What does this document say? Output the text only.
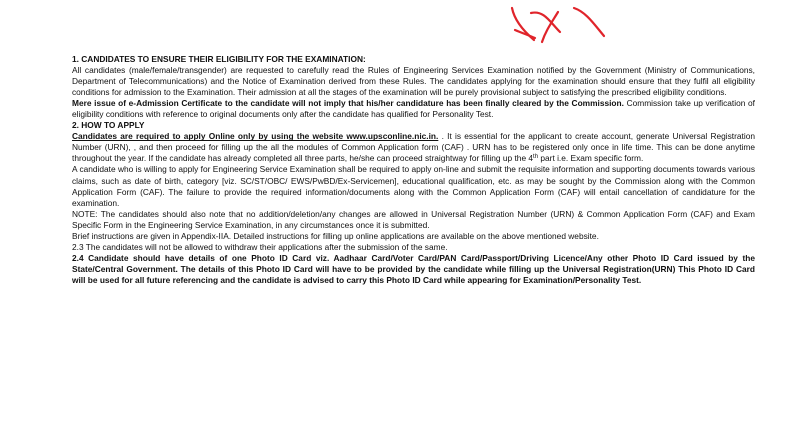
1. CANDIDATES TO ENSURE THEIR ELIGIBILITY FOR THE EXAMINATION:

All candidates (male/female/transgender) are requested to carefully read the Rules of Engineering Services Examination notified by the Government (Ministry of Communications, Department of Telecommunications) and the Notice of Examination derived from these Rules. The candidates applying for the examination should ensure that they fulfil all eligibility conditions for admission to the Examination. Their admission at all the stages of the examination will be purely provisional subject to satisfying the prescribed eligibility conditions.

Mere issue of e-Admission Certificate to the candidate will not imply that his/her candidature has been finally cleared by the Commission. Commission take up verification of eligibility conditions with reference to original documents only after the candidate has qualified for Personality Test.

2. HOW TO APPLY

Candidates are required to apply Online only by using the website www.upsconline.nic.in. . It is essential for the applicant to create account, generate Universal Registration Number (URN), , and then proceed for filling up the all the modules of Common Application form (CAF) . URN has to be registered only once in life time. This can be done anytime throughout the year. If the candidate has already completed all three parts, he/she can proceed straightway for filling up the 4th part i.e. Exam specific form.

A candidate who is willing to apply for Engineering Service Examination shall be required to apply on-line and submit the requisite information and supporting documents towards various claims, such as date of birth, category [viz. SC/ST/OBC/ EWS/PwBD/Ex-Servicemen], educational qualification, etc. as may be sought by the Commission along with the Common Application Form (CAF). The failure to provide the required information/documents along with the Common Application Form (CAF) will entail cancellation of candidature for the examination.

NOTE: The candidates should also note that no addition/deletion/any changes are allowed in Universal Registration Number (URN) & Common Application Form (CAF) and Exam Specific Form in the Engineering Service Examination, in any circumstances once it is submitted.

Brief instructions are given in Appendix-IIA. Detailed instructions for filling up online applications are available on the above mentioned website.

2.3 The candidates will not be allowed to withdraw their applications after the submission of the same.

2.4 Candidate should have details of one Photo ID Card viz. Aadhaar Card/Voter Card/PAN Card/Passport/Driving Licence/Any other Photo ID Card issued by the State/Central Government. The details of this Photo ID Card will have to be provided by the candidate while filling up the Universal Registration(URN) This Photo ID Card will be used for all future referencing and the candidate is advised to carry this Photo ID Card while appearing for Examination/Personality Test.
